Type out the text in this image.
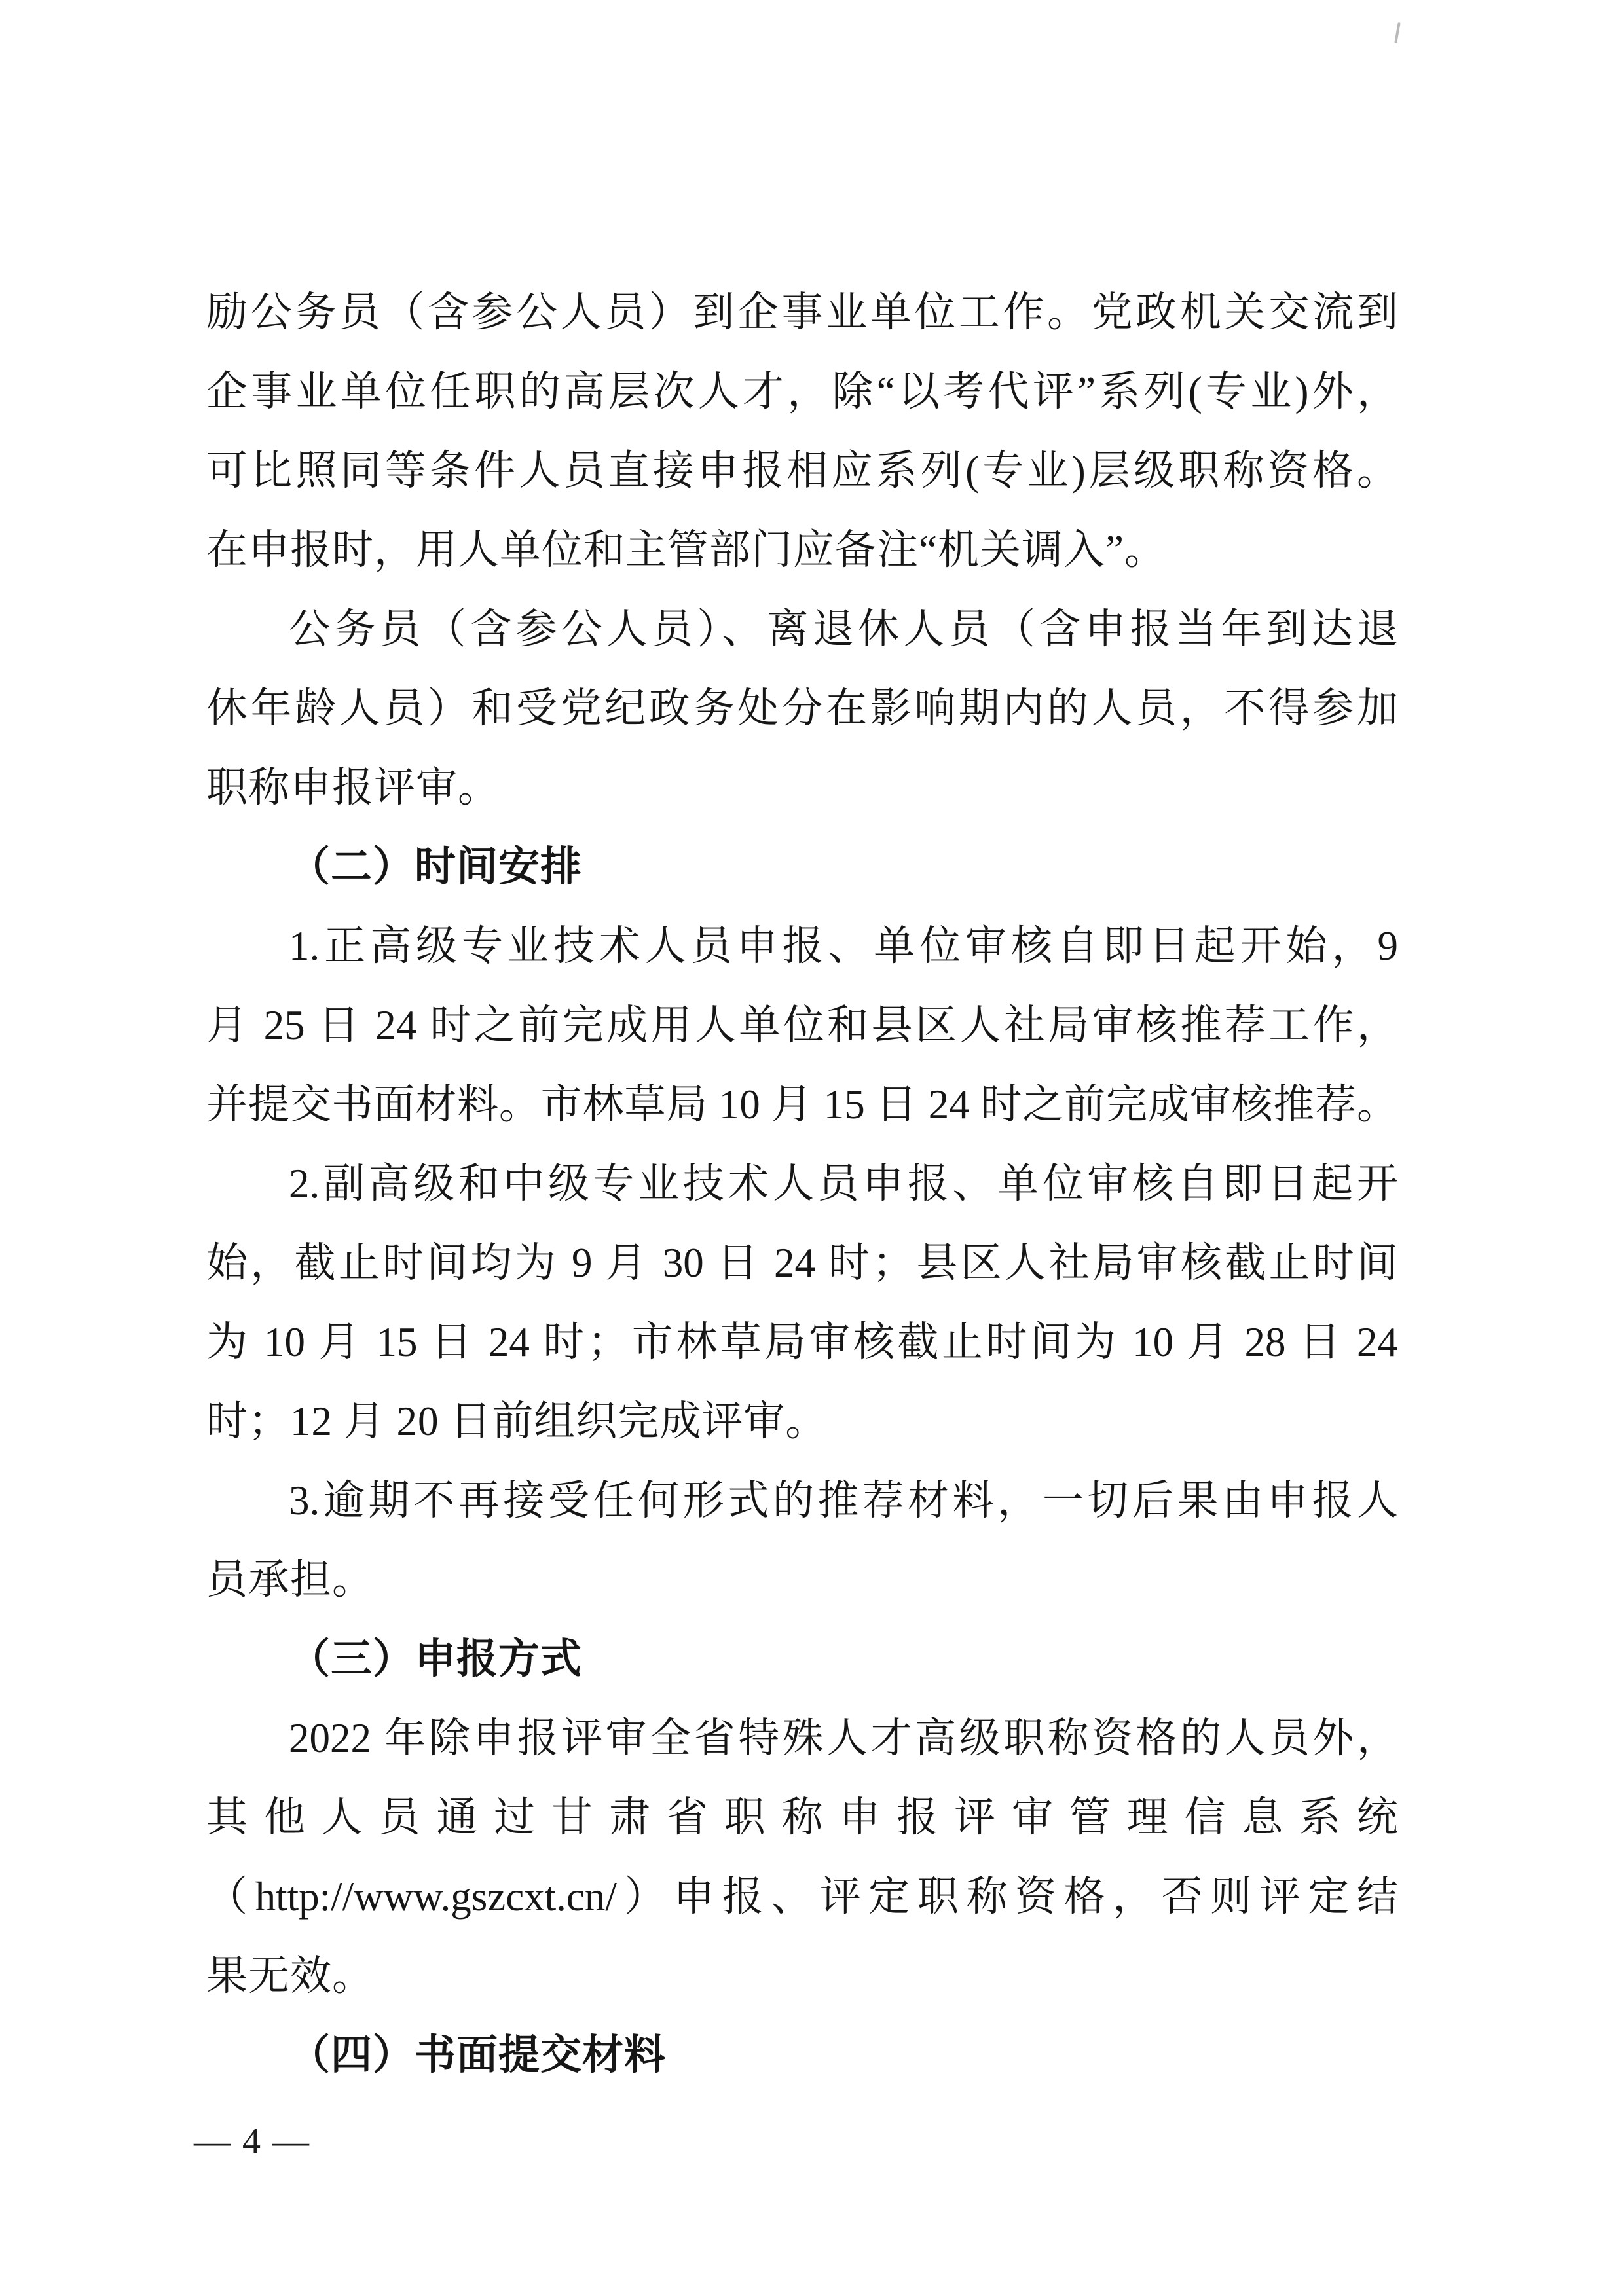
励公务员（含参公人员）到企事业单位工作。党政机关交流到
企事业单位任职的高层次人才，除“以考代评”系列(专业)外，
可比照同等条件人员直接申报相应系列(专业)层级职称资格。
在申报时，用人单位和主管部门应备注“机关调入”。
公务员（含参公人员）、离退休人员（含申报当年到达退
休年龄人员）和受党纪政务处分在影响期内的人员，不得参加
职称申报评审。
（二）时间安排
1.正高级专业技术人员申报、单位审核自即日起开始，9
月 25 日 24 时之前完成用人单位和县区人社局审核推荐工作，
并提交书面材料。市林草局 10 月 15 日 24 时之前完成审核推荐。
2.副高级和中级专业技术人员申报、单位审核自即日起开
始，截止时间均为 9 月 30 日 24 时；县区人社局审核截止时间
为 10 月 15 日 24 时；市林草局审核截止时间为 10 月 28 日 24
时；12 月 20 日前组织完成评审。
3.逾期不再接受任何形式的推荐材料，一切后果由申报人
员承担。
（三）申报方式
2022 年除申报评审全省特殊人才高级职称资格的人员外，
其他人员通过甘肃省职称申报评审管理信息系统
（http://www.gszcxt.cn/）申报、评定职称资格，否则评定结
果无效。
（四）书面提交材料
— 4 —
